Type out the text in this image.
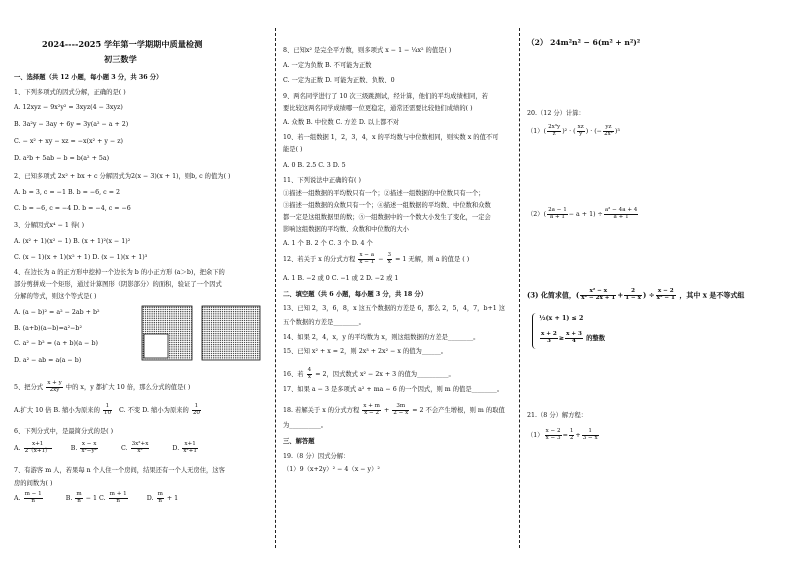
2024----2025 学年第一学期期中质量检测
初三数学
一、选择题（共 12 小题，每小题 3 分，共 36 分）
1、下列多项式的因式分解，正确的是( )
A. 12xyz − 9x²y² = 3xyz(4 − 3xyz)
B. 3a²y − 3ay + 6y = 3y(a² − a + 2)
C. − x² + xy − xz = −x(x² + y − z)
D. a²b + 5ab − b = b(a² + 5a)
2、已知多项式 2x² + bx + c 分解因式为2(x − 3)(x + 1)，则b, c 的值为( )
A. b = 3, c = −1 B. b = −6, c = 2
C. b = −6, c = −4 D. b = −4, c = −6
3、分解因式x⁴ − 1 得( )
A. (x² + 1)(x² − 1) B. (x + 1)²(x − 1)²
C. (x − 1)(x + 1)(x² + 1) D. (x − 1)(x + 1)³
4、在边长为 a 的正方形中挖掉一个边长为 b 的小正方形 (a＞b)，把余下的
部分剪拼成一个矩形，通过计算图形（阴影部分）的面积，验证了一个因式
分解的等式，则这个等式是( )
A. (a − b)² = a² − 2ab + b²
B. (a+b)(a−b)=a²−b²
C. a² − b² = (a + b)(a − b)
D. a² − ab = a(a − b)
5、把分式 $\frac{x + y}{2xy}$ 中的 x，y 都扩大 10 倍，那么分式的值是( )
A.扩大 10 倍 B. 缩小为原来的 $\frac{1}{10} C$. 不变 D. 缩小为原来的 $\frac{1}{20}$
6、下列分式中，是最简分式的是( )
A. $\frac{x+1}{2(x+1)}$	B. $\frac{x - x}{\text{x²−y²}}$	C. $\frac{\text{3x²+x}}{\text{x²}}$	D. $\frac{x+1}{\text{x²+1}}$
7、有游客 m 人，若果每 n 个人住一个房间，结果还有一个人无房住，这客
房的间数为( )
A. $\frac{m - 1}{n}$	B. $\frac{m}{n} - 1$ C. $\frac{m + 1}{n}$	D. $\frac{m}{n} + 1$
8、已知x² 是完全平方数，则多项式 x − 1 − ¼x² 的值是( )
A. 一定为负数 B. 不可能为正数
C. 一定为正数 D. 可能为正数、负数、0
9、两名同学进行了 10 次三级跳测试，经计算，他们的平均成绩相同，若
要比较这两名同学成绩哪一位更稳定，通常还需要比较他们成绩的( )
A. 众数 B. 中位数 C. 方差 D. 以上都不对
10、若一组数据 1，2，3，4，x 的平均数与中位数相同，则实数 x 的值不可
能是( )
A. 0 B. 2.5 C. 3 D. 5
11、下列说法中正确的有( )
①描述一组数据的平均数只有一个；②描述一组数据的中位数只有一个；
③描述一组数据的众数只有一个；④描述一组数据的平均数、中位数和众数
都一定是这组数据里的数；⑤一组数据中的一个数大小发生了变化，一定会
影响这组数据的平均数、众数和中位数的大小
A. 1 个 B. 2 个 C. 3 个 D. 4 个
12、若关于 x 的分式方程 $\frac{x - a}{x - 1} - \frac{3}{x} = 1$ 无解，则 a 的值是 ( )
A. 1 B. −2 或 0 C. −1 或 2 D. −2 或 1
二、填空题（共 6 小题，每小题 3 分，共 18 分）
13、已知 2，3，6，8，x 这五个数据的方差是 6，那么 2，5，4，7，b+1 这
五个数据的方差是________。
14、如果 2，4，x，y 的平均数为 x，则这组数据的方差是________。
15、已知 x² + x = 2，则 2x³ + 2x² − x 的值为______。
16、若 $\frac{4}{x} = 2$，因式数式 x² − 2x + 3 的值为__________。
17、如果 a − 3 是多项式 a² + ma − 6 的一个因式，则 m 的值是________。
18. 若解关于 x 的分式方程 $\frac{x + m}{x - 2} + \frac{3m}{2 - x} = 2$ 不会产生增根，则 m 的取值
为__________。
三、解答题
19.（8 分）因式分解：
（1）9（x+2y）² − 4（x − y）²
（2） 24m²n² − 6(m² + n²)²
20.（12 分）计算：
$(1)( \frac{\text{2x³y}}{z} )^2$ · ( $\frac{xz}{y}$ ) · (− $\frac{yz}{\text{2x²}} )^3$
$(2)( \frac{2a - 1}{a + 1} - a + 1) \div \frac{\text{a² − 4a + 4}}{a + 1}$
(3) 化简求值，( $\frac{\text{x² − x}}{\text{x² − 2x + 1}} + \frac{2}{1 - x}$ ) ÷ $\frac{x - 2}{\text{x² − 1}}$ ，其中 x 是不等式组
½(x + 1) ≤ 2
$\frac{x + 2}{3} \ge \frac{x + 3}{4}$ 的整数
21.（8 分）解方程：
$(1) \frac{x - 2}{x - 3} = \frac{1}{2} + \frac{1}{3 - x}$
